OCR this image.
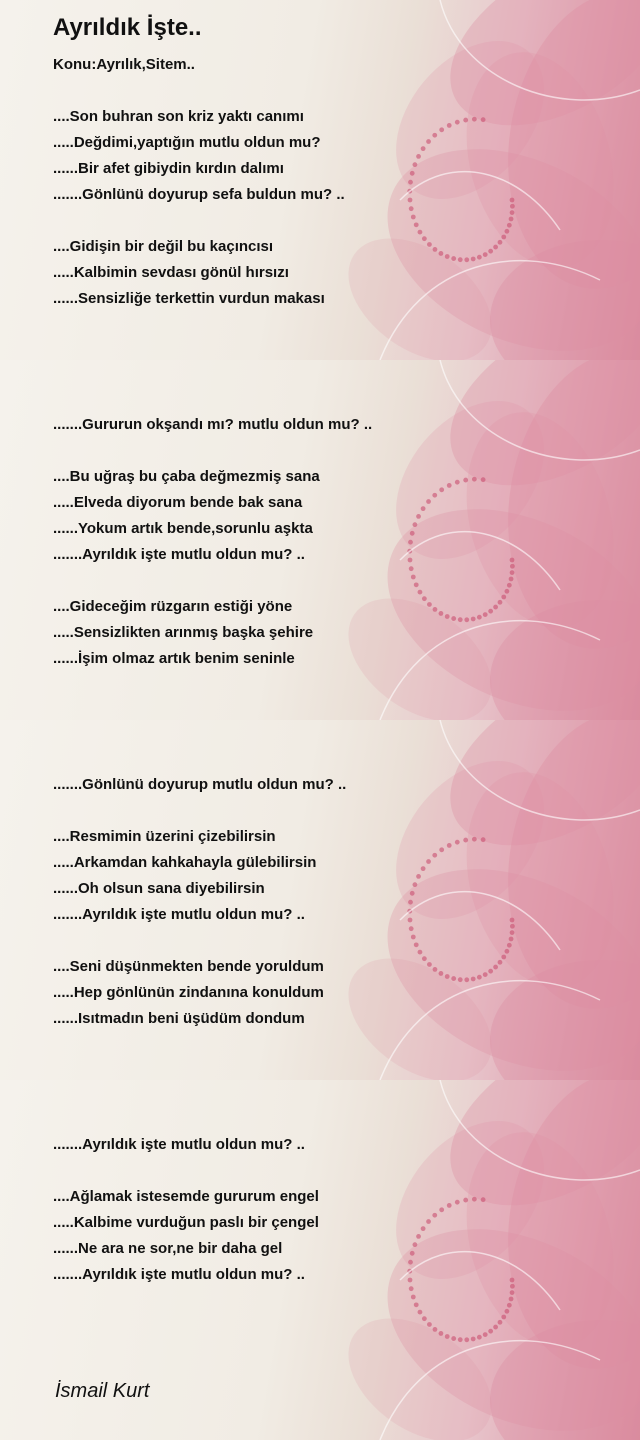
Ayrıldık İşte..
Konu:Ayrılık,Sitem..
....Son buhran son kriz yaktı canımı
.....Değdimi,yaptığın mutlu oldun mu?
......Bir afet gibiydin kırdın dalımı
.......Gönlünü doyurup sefa buldun mu? ..
....Gidişin bir değil bu kaçıncısı
.....Kalbimin sevdası gönül hırsızı
......Sensizliğe terkettin vurdun makası
.......Gururun okşandı mı? mutlu oldun mu? ..
....Bu uğraş bu çaba değmezmiş sana
.....Elveda diyorum bende bak sana
......Yokum artık bende,sorunlu aşkta
.......Ayrıldık işte mutlu oldun mu? ..
....Gideceğim rüzgarın estiği yöne
.....Sensizlikten arınmış başka şehire
......İşim olmaz artık benim seninle
.......Gönlünü doyurup mutlu oldun mu? ..
....Resmimin üzerini çizebilirsin
.....Arkamdan kahkahayla gülebilirsin
......Oh olsun sana diyebilirsin
.......Ayrıldık işte mutlu oldun mu? ..
....Seni düşünmekten bende yoruldum
.....Hep gönlünün zindanına konuldum
......Isıtmadın beni üşüdüm dondum
.......Ayrıldık işte mutlu oldun mu? ..
....Ağlamak istesemde gururum engel
.....Kalbime vurduğun paslı bir çengel
......Ne ara ne sor,ne bir daha gel
.......Ayrıldık işte mutlu oldun mu? ..
İsmail Kurt
